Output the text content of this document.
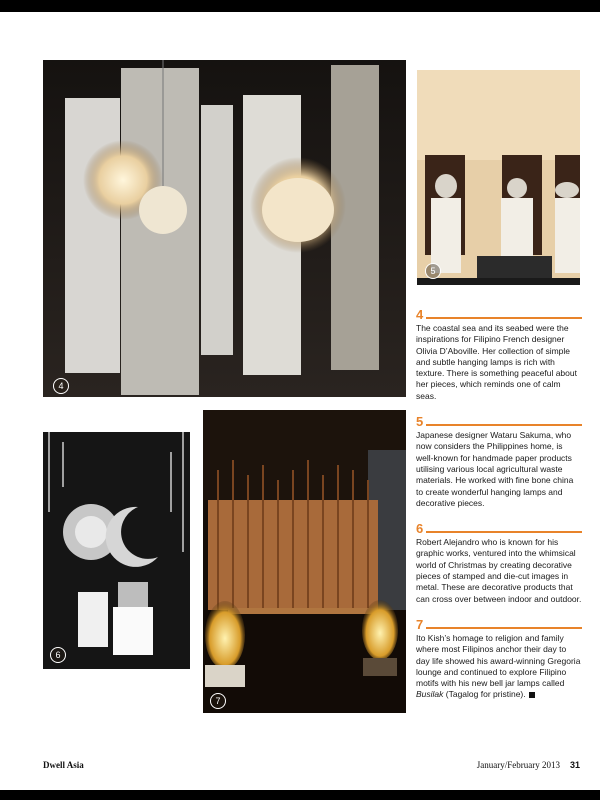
4
5
6
7
4

The coastal sea and its seabed were the inspirations for Filipino French designer Olivia D’Aboville. Her collection of simple and subtle hanging lamps is rich with texture. There is something peaceful about her pieces, which reminds one of calm seas.

5

Japanese designer Wataru Sakuma, who now considers the Philippines home, is well-known for handmade paper products utilising various local agricultural waste materials. He worked with fine bone china to create wonderful hanging lamps and decorative pieces.

6

Robert Alejandro who is known for his graphic works, ventured into the whimsical world of Christmas by creating decorative pieces of stamped and die-cut images in metal. These are decorative products that can cross over between indoor and outdoor.

7

Ito Kish’s homage to religion and family where most Filipinos anchor their day to day life showed his award-winning Gregoria lounge and continued to explore Filipino motifs with his new bell jar lamps called Busilak (Tagalog for pristine).

Dwell Asia	January/February 2013 31
